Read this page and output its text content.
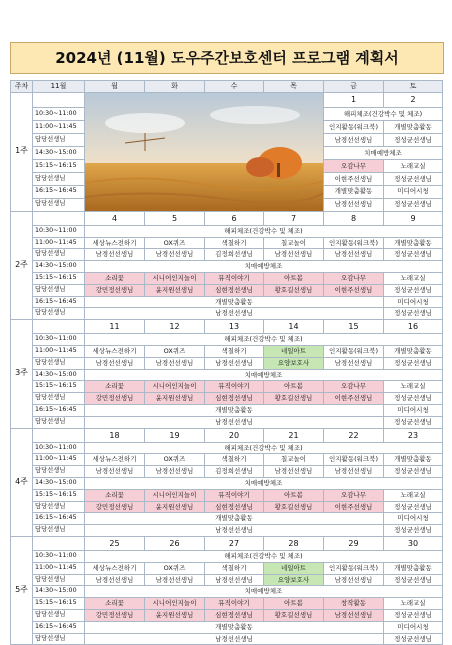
2024년 (11월) 도우주간보호센터 프로그램 계획서
주차	11월	월	화	수	목	금	토
1주						1	2
	10:30~11:00					해피체조(건강박수 및 체조)	
	11:00~11:45					인지활동(워크북)	개별맞춤활동
	담당선생님					남경선선생님	정성균선생님
	14:30~15:00					치매예방체조	
	15:15~16:15					오감나무	노래교실
	담당선생님					이현주선생님	정성균선생님
	16:15~16:45					개별맞춤활동	미디어시청
	담당선생님					남경선선생님	정성균선생님
2주		4	5	6	7	8	9
	10:30~11:00	해피체조(건강박수 및 체조)					
	11:00~11:45	세상뉴스전하기	OX퀴즈	색칠하기	칠교놀이	인지활동(워크북)	개별맞춤활동
	담당선생님	남경선선생님	남경선선생님	김정희선생님	남경선선생님	남경선선생님	정성균선생님
	14:30~15:00	치매예방체조					
	15:15~16:15	소리꽃	시니어인지놀이	뮤직이야기	아트봄	오감나무	노래교실
	담당선생님	강민정선생님	윤지원선생님	심현정선생님	황호길선생님	이현주선생님	정성균선생님
	16:15~16:45	개별맞춤활동					미디어시청
	담당선생님	남경선선생님					정성균선생님
3주		11	12	13	14	15	16
	10:30~11:00	해피체조(건강박수 및 체조)					
	11:00~11:45	세상뉴스전하기	OX퀴즈	색칠하기	네일아트	인지활동(워크북)	개별맞춤활동
	담당선생님	남경선선생님	남경선선생님	남경선선생님	요양보호사	남경선선생님	정성균선생님
	14:30~15:00	치매예방체조					
	15:15~16:15	소리꽃	시니어인지놀이	뮤직이야기	아트봄	오감나무	노래교실
	담당선생님	강민정선생님	윤지원선생님	심현정선생님	황호길선생님	이현주선생님	정성균선생님
	16:15~16:45	개별맞춤활동					미디어시청
	담당선생님	남경선선생님					정성균선생님
4주		18	19	20	21	22	23
	10:30~11:00	해피체조(건강박수 및 체조)					
	11:00~11:45	세상뉴스전하기	OX퀴즈	색칠하기	칠교놀이	인지활동(워크북)	개별맞춤활동
	담당선생님	남경선선생님	남경선선생님	김정희선생님	남경선선생님	남경선선생님	정성균선생님
	14:30~15:00	치매예방체조					
	15:15~16:15	소리꽃	시니어인지놀이	뮤직이야기	아트봄	오감나무	노래교실
	담당선생님	강민정선생님	윤지원선생님	심현정선생님	황호길선생님	이현주선생님	정성균선생님
	16:15~16:45	개별맞춤활동					미디어시청
	담당선생님	남경선선생님					정성균선생님
5주		25	26	27	28	29	30
	10:30~11:00	해피체조(건강박수 및 체조)					
	11:00~11:45	세상뉴스전하기	OX퀴즈	색칠하기	네일아트	인지활동(워크북)	개별맞춤활동
	담당선생님	남경선선생님	남경선선생님	남경선선생님	요양보호사	남경선선생님	정성균선생님
	14:30~15:00	치매예방체조					
	15:15~16:15	소리꽃	시니어인지놀이	뮤직이야기	아트봄	창작활동	노래교실
	담당선생님	강민정선생님	윤지원선생님	심현정선생님	황호길선생님	남경선선생님	정성균선생님
	16:15~16:45	개별맞춤활동					미디어시청
	담당선생님	남경선선생님					정성균선생님
